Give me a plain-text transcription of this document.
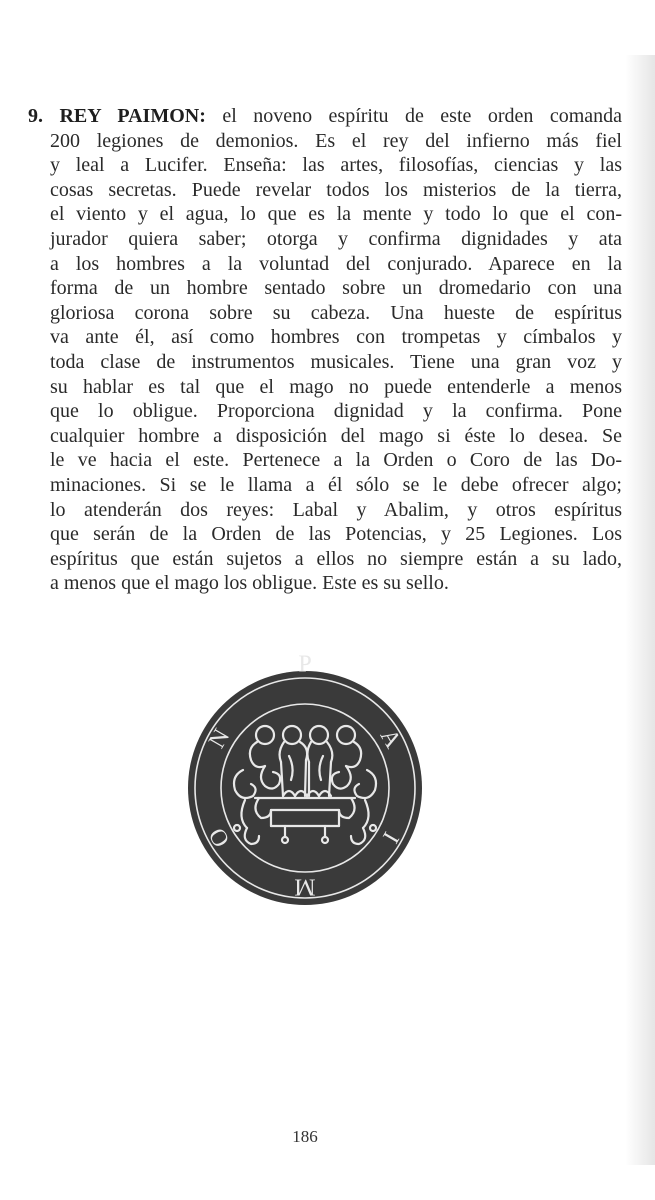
9. REY PAIMON: el noveno espíritu de este orden comanda
200 legiones de demonios. Es el rey del infierno más fiel
y leal a Lucifer. Enseña: las artes, filosofías, ciencias y las
cosas secretas. Puede revelar todos los misterios de la tierra,
el viento y el agua, lo que es la mente y todo lo que el con-
jurador quiera saber; otorga y confirma dignidades y ata
a los hombres a la voluntad del conjurado. Aparece en la
forma de un hombre sentado sobre un dromedario con una
gloriosa corona sobre su cabeza. Una hueste de espíritus
va ante él, así como hombres con trompetas y címbalos y
toda clase de instrumentos musicales. Tiene una gran voz y
su hablar es tal que el mago no puede entenderle a menos
que lo obligue. Proporciona dignidad y la confirma. Pone
cualquier hombre a disposición del mago si éste lo desea. Se
le ve hacia el este. Pertenece a la Orden o Coro de las Do-
minaciones. Si se le llama a él sólo se le debe ofrecer algo;
lo atenderán dos reyes: Labal y Abalim, y otros espíritus
que serán de la Orden de las Potencias, y 25 Legiones. Los
espíritus que están sujetos a ellos no siempre están a su lado,
a menos que el mago los obligue. Este es su sello.
P
A
I
M
O
N
186
